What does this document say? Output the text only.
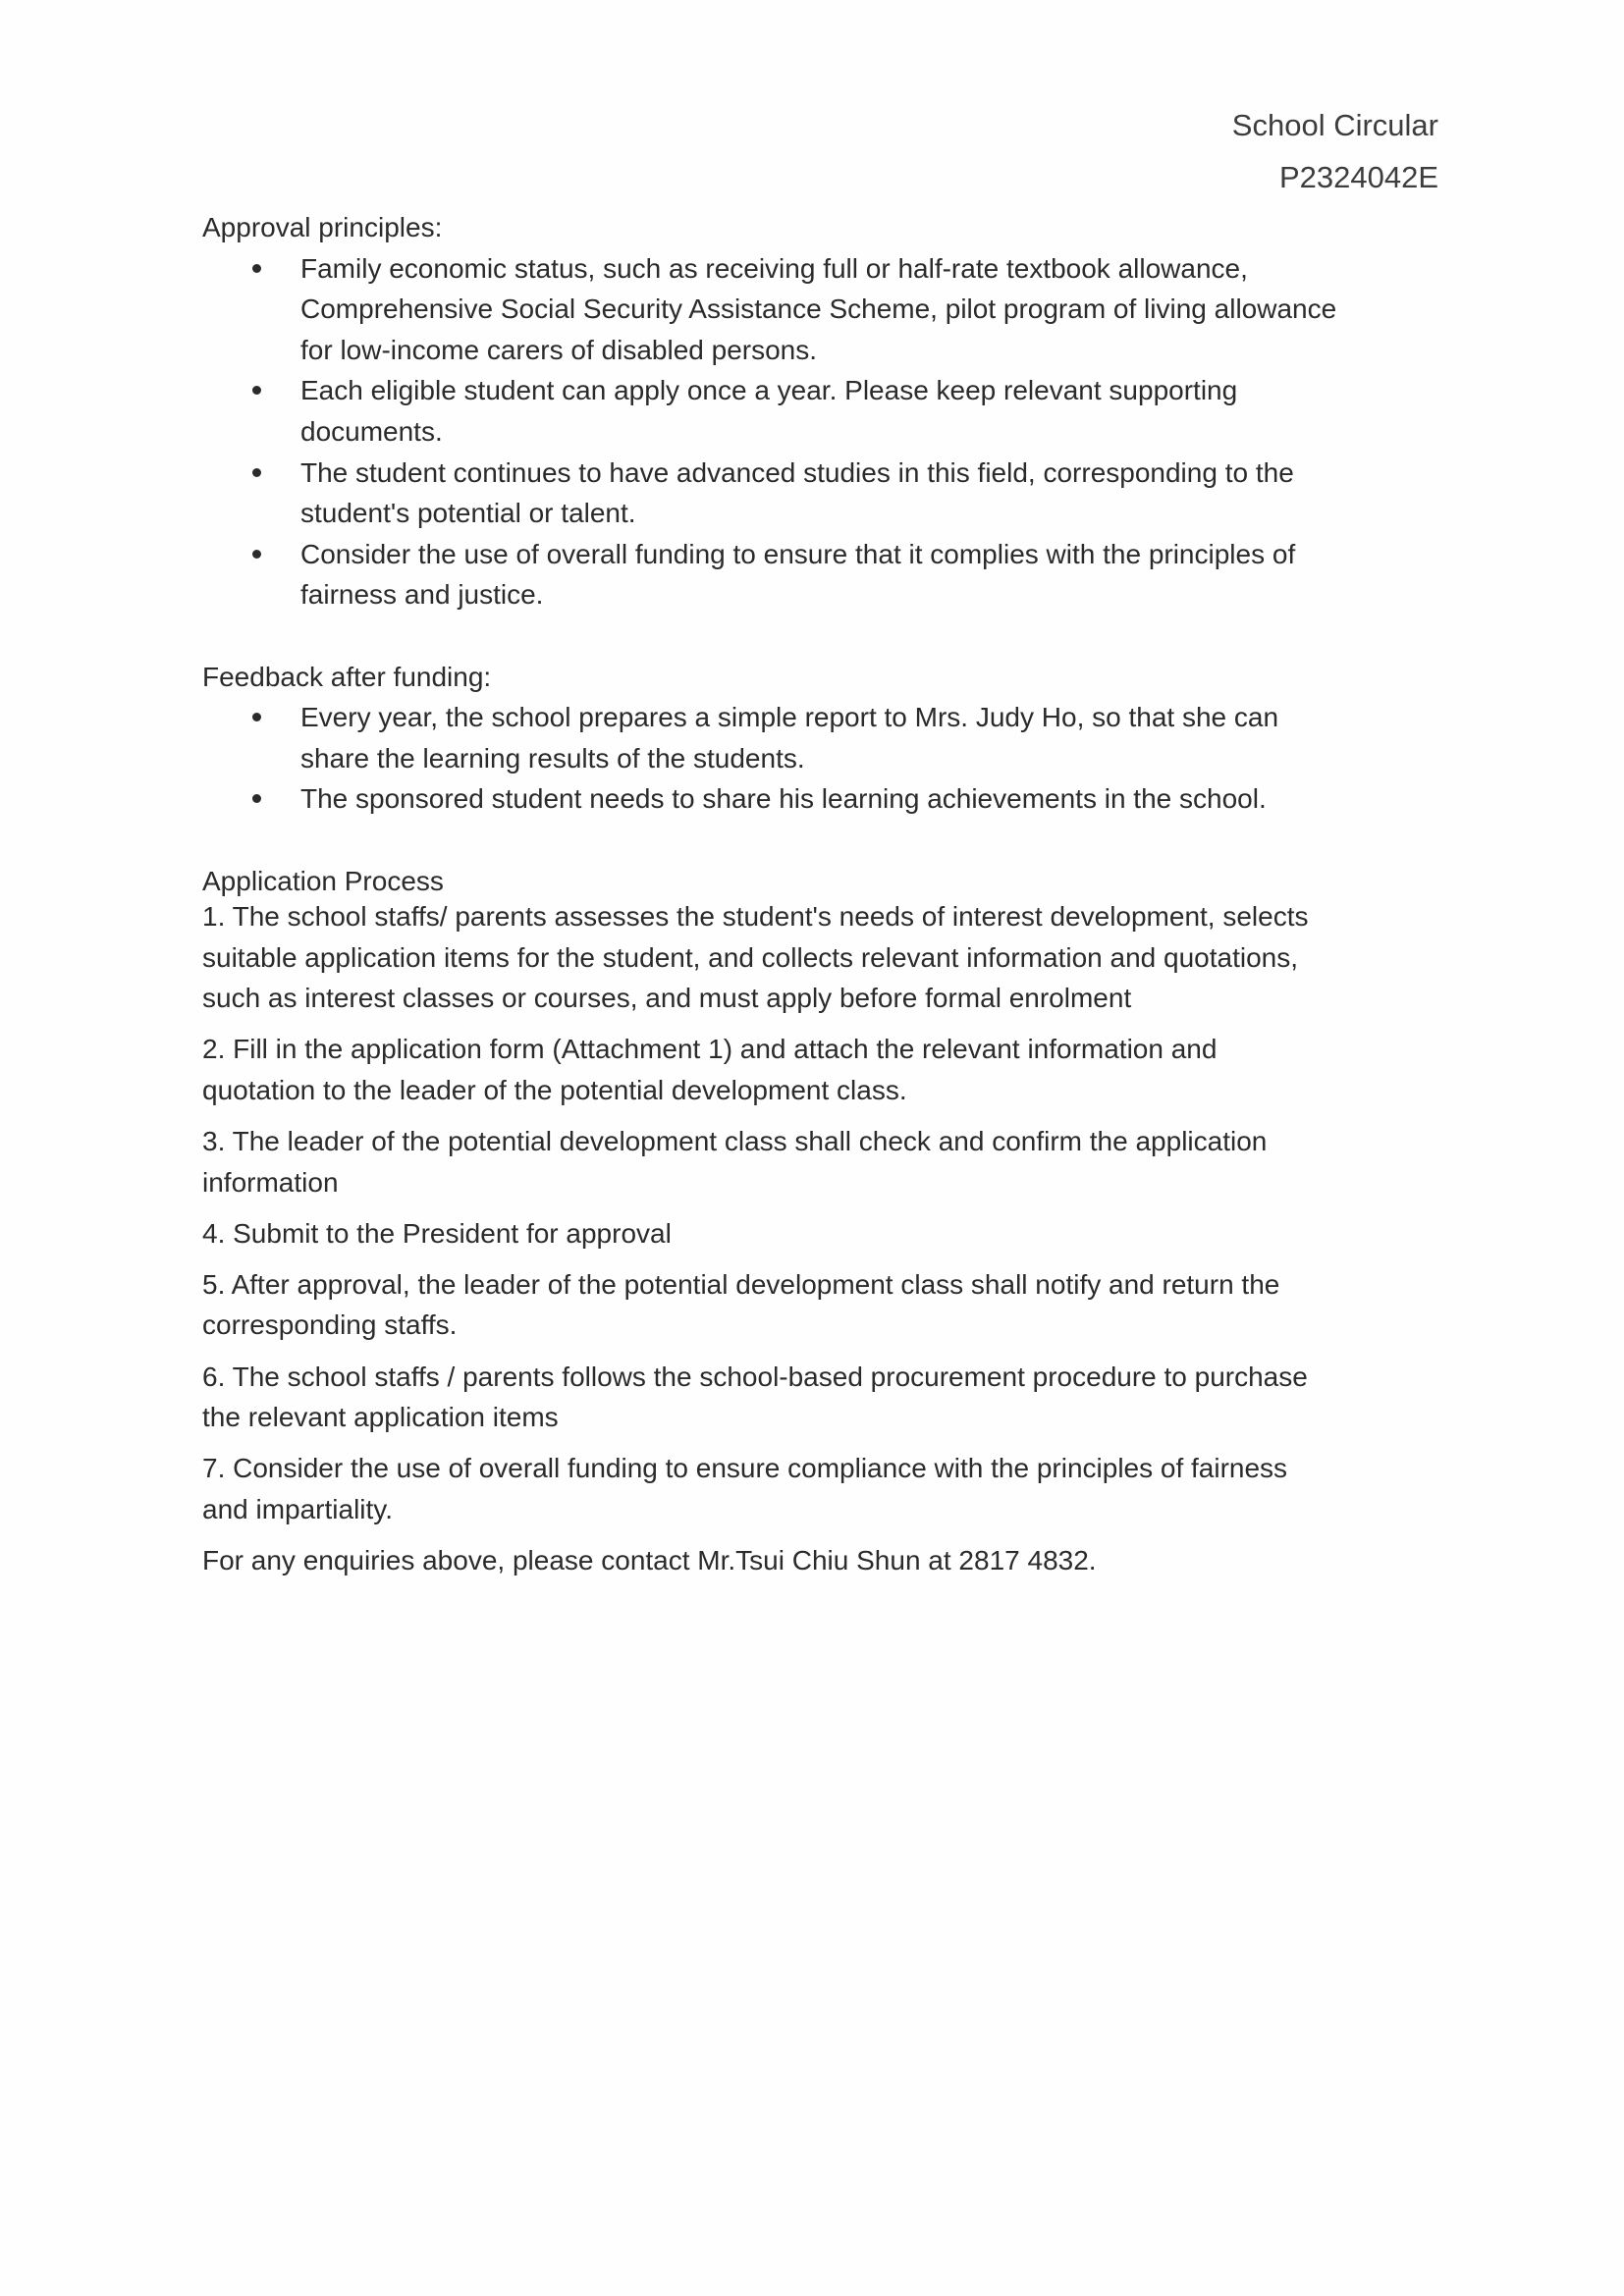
School Circular
P2324042E
Approval principles:
Family economic status, such as receiving full or half-rate textbook allowance,
Comprehensive Social Security Assistance Scheme, pilot program of living allowance
for low-income carers of disabled persons.
Each eligible student can apply once a year. Please keep relevant supporting
documents.
The student continues to have advanced studies in this field, corresponding to the
student's potential or talent.
Consider the use of overall funding to ensure that it complies with the principles of
fairness and justice.
Feedback after funding:
Every year, the school prepares a simple report to Mrs. Judy Ho, so that she can
share the learning results of the students.
The sponsored student needs to share his learning achievements in the school.
Application Process
1. The school staffs/ parents assesses the student's needs of interest development, selects
suitable application items for the student, and collects relevant information and quotations,
such as interest classes or courses, and must apply before formal enrolment
2. Fill in the application form (Attachment 1) and attach the relevant information and
quotation to the leader of the potential development class.
3. The leader of the potential development class shall check and confirm the application
information
4. Submit to the President for approval
5. After approval, the leader of the potential development class shall notify and return the
corresponding staffs.
6. The school staffs / parents follows the school-based procurement procedure to purchase
the relevant application items
7. Consider the use of overall funding to ensure compliance with the principles of fairness
and impartiality.
For any enquiries above, please contact Mr.Tsui Chiu Shun at 2817 4832.
